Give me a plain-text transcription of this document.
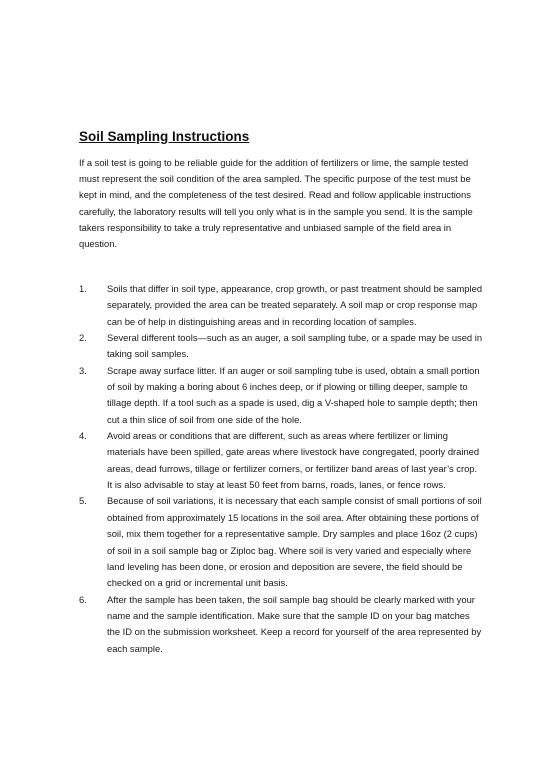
Soil Sampling Instructions

If a soil test is going to be reliable guide for the addition of fertilizers or lime, the sample tested must represent the soil condition of the area sampled. The specific purpose of the test must be kept in mind, and the completeness of the test desired. Read and follow applicable instructions carefully, the laboratory results will tell you only what is in the sample you send. It is the sample takers responsibility to take a truly representative and unbiased sample of the field area in question.

1. Soils that differ in soil type, appearance, crop growth, or past treatment should be sampled separately, provided the area can be treated separately. A soil map or crop response map can be of help in distinguishing areas and in recording location of samples.
2. Several different tools—such as an auger, a soil sampling tube, or a spade may be used in taking soil samples.
3. Scrape away surface litter. If an auger or soil sampling tube is used, obtain a small portion of soil by making a boring about 6 inches deep, or if plowing or tilling deeper, sample to tillage depth. If a tool such as a spade is used, dig a V-shaped hole to sample depth; then cut a thin slice of soil from one side of the hole.
4. Avoid areas or conditions that are different, such as areas where fertilizer or liming materials have been spilled, gate areas where livestock have congregated, poorly drained areas, dead furrows, tillage or fertilizer corners, or fertilizer band areas of last year’s crop. It is also advisable to stay at least 50 feet from barns, roads, lanes, or fence rows.
5. Because of soil variations, it is necessary that each sample consist of small portions of soil obtained from approximately 15 locations in the soil area. After obtaining these portions of soil, mix them together for a representative sample. Dry samples and place 16oz (2 cups) of soil in a soil sample bag or Ziploc bag. Where soil is very varied and especially where land leveling has been done, or erosion and deposition are severe, the field should be checked on a grid or incremental unit basis.
6. After the sample has been taken, the soil sample bag should be clearly marked with your name and the sample identification. Make sure that the sample ID on your bag matches the ID on the submission worksheet. Keep a record for yourself of the area represented by each sample.
